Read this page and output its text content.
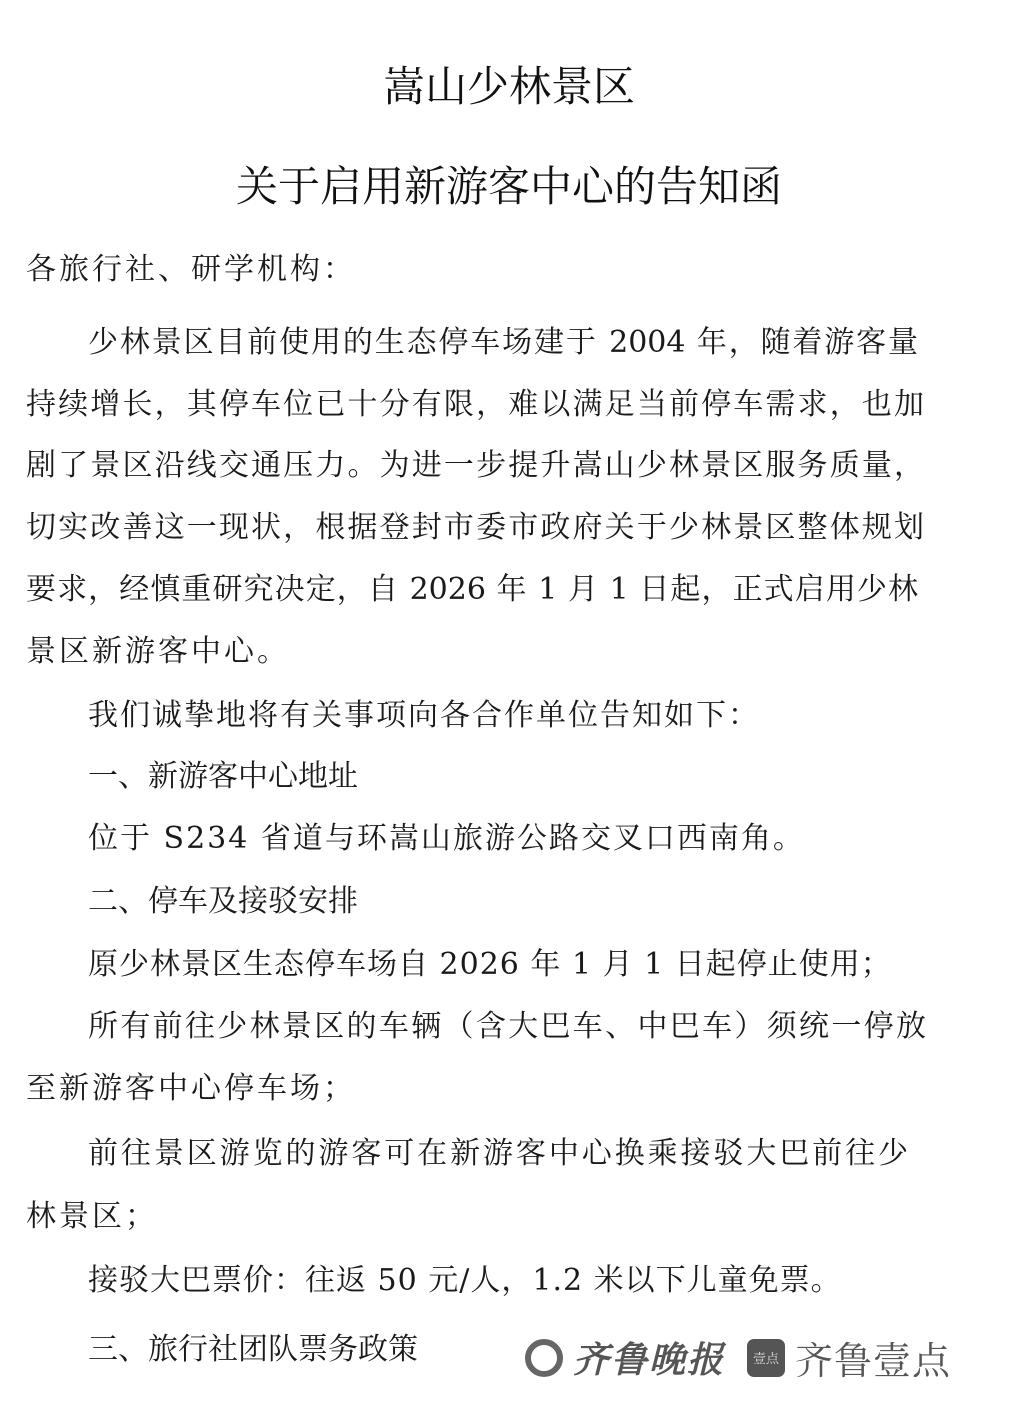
嵩山少林景区
关于启用新游客中心的告知函
各旅行社、研学机构：
少林景区目前使用的生态停车场建于 2004 年，随着游客量
持续增长，其停车位已十分有限，难以满足当前停车需求，也加
剧了景区沿线交通压力。为进一步提升嵩山少林景区服务质量，
切实改善这一现状，根据登封市委市政府关于少林景区整体规划
要求，经慎重研究决定，自 2026 年 1 月 1 日起，正式启用少林
景区新游客中心。
我们诚挚地将有关事项向各合作单位告知如下：
一、新游客中心地址
位于 S234 省道与环嵩山旅游公路交叉口西南角。
二、停车及接驳安排
原少林景区生态停车场自 2026 年 1 月 1 日起停止使用；
所有前往少林景区的车辆（含大巴车、中巴车）须统一停放
至新游客中心停车场；
前往景区游览的游客可在新游客中心换乘接驳大巴前往少
林景区；
接驳大巴票价：往返 50 元/人，1.2 米以下儿童免票。
三、旅行社团队票务政策	齐鲁晚报	壹点 齐鲁壹点
